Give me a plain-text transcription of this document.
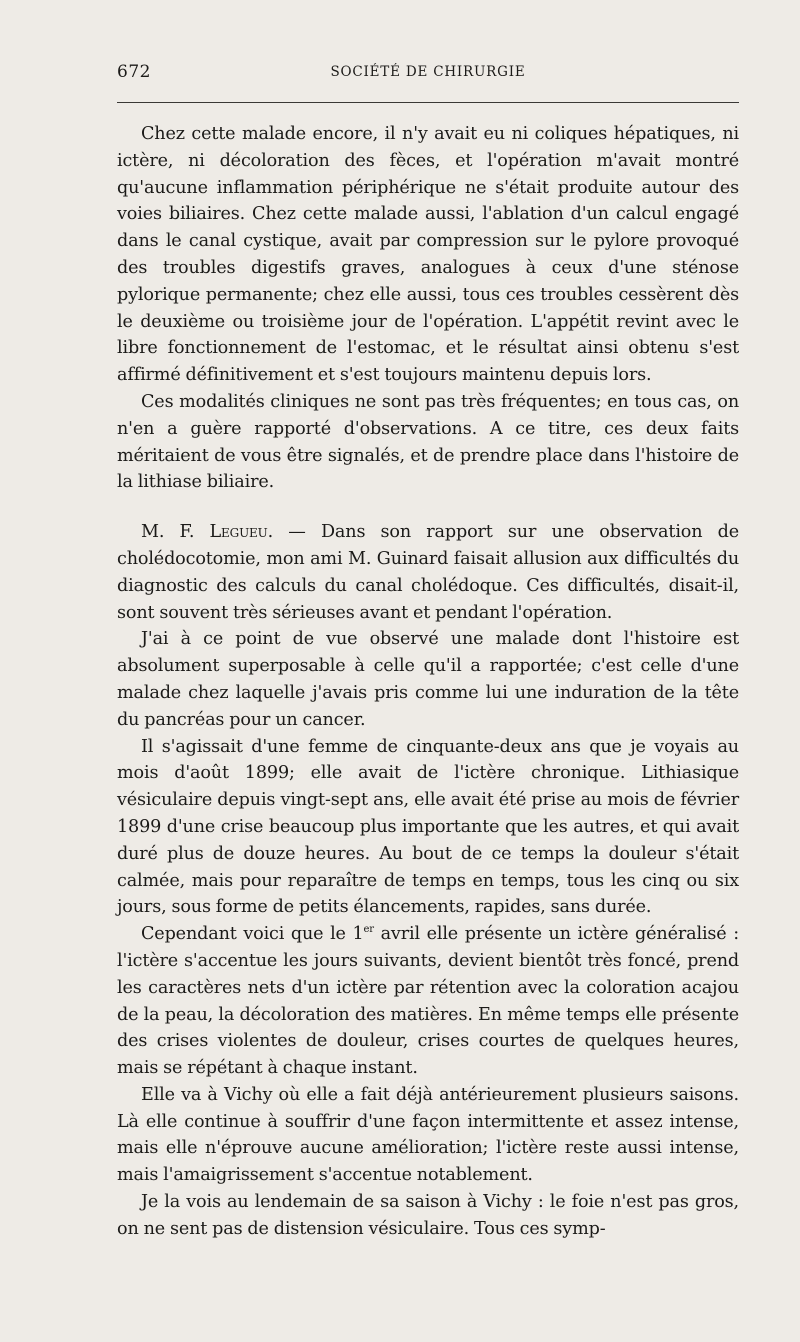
672	SOCIÉTÉ DE CHIRURGIE

Chez cette malade encore, il n'y avait eu ni coliques hépatiques, ni ictère, ni décoloration des fèces, et l'opération m'avait montré qu'aucune inflammation périphérique ne s'était produite autour des voies biliaires. Chez cette malade aussi, l'ablation d'un calcul engagé dans le canal cystique, avait par compression sur le pylore provoqué des troubles digestifs graves, analogues à ceux d'une sténose pylorique permanente; chez elle aussi, tous ces troubles cessèrent dès le deuxième ou troisième jour de l'opération. L'appétit revint avec le libre fonctionnement de l'estomac, et le résultat ainsi obtenu s'est affirmé définitivement et s'est toujours maintenu depuis lors.

Ces modalités cliniques ne sont pas très fréquentes; en tous cas, on n'en a guère rapporté d'observations. A ce titre, ces deux faits méritaient de vous être signalés, et de prendre place dans l'histoire de la lithiase biliaire.

M. F. Legueu. — Dans son rapport sur une observation de cholédocotomie, mon ami M. Guinard faisait allusion aux difficultés du diagnostic des calculs du canal cholédoque. Ces difficultés, disait-il, sont souvent très sérieuses avant et pendant l'opération.

J'ai à ce point de vue observé une malade dont l'histoire est absolument superposable à celle qu'il a rapportée; c'est celle d'une malade chez laquelle j'avais pris comme lui une induration de la tête du pancréas pour un cancer.

Il s'agissait d'une femme de cinquante-deux ans que je voyais au mois d'août 1899; elle avait de l'ictère chronique. Lithiasique vésiculaire depuis vingt-sept ans, elle avait été prise au mois de février 1899 d'une crise beaucoup plus importante que les autres, et qui avait duré plus de douze heures. Au bout de ce temps la douleur s'était calmée, mais pour reparaître de temps en temps, tous les cinq ou six jours, sous forme de petits élancements, rapides, sans durée.

Cependant voici que le 1er avril elle présente un ictère généralisé : l'ictère s'accentue les jours suivants, devient bientôt très foncé, prend les caractères nets d'un ictère par rétention avec la coloration acajou de la peau, la décoloration des matières. En même temps elle présente des crises violentes de douleur, crises courtes de quelques heures, mais se répétant à chaque instant.

Elle va à Vichy où elle a fait déjà antérieurement plusieurs saisons. Là elle continue à souffrir d'une façon intermittente et assez intense, mais elle n'éprouve aucune amélioration; l'ictère reste aussi intense, mais l'amaigrissement s'accentue notablement.

Je la vois au lendemain de sa saison à Vichy : le foie n'est pas gros, on ne sent pas de distension vésiculaire. Tous ces symp-
